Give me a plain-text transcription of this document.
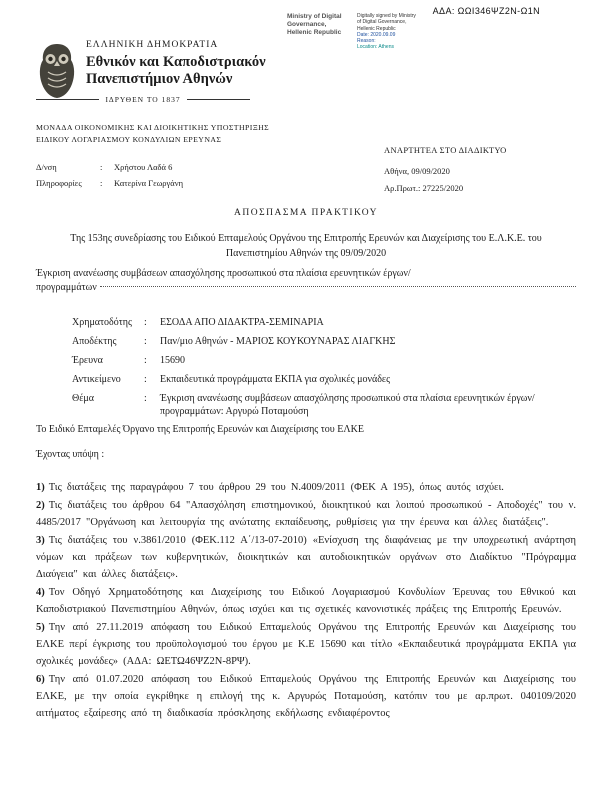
ΑΔΑ: ΩΩΙ346ΨΖ2Ν-Ω1Ν
Ministry of Digital
Governance,
Hellenic Republic
Digitally signed by Ministry
of Digital Governance,
Hellenic Republic
Date: 2020.09.09
Reason:
Location: Athens
ΕΛΛΗΝΙΚΗ ΔΗΜΟΚΡΑΤΙΑ
Εθνικόν και Καποδιστριακόν
Πανεπιστήμιον Αθηνών
ΙΔΡΥΘΕΝ ΤΟ 1837
ΜΟΝΑΔΑ ΟΙΚΟΝΟΜΙΚΗΣ ΚΑΙ ΔΙΟΙΚΗΤΙΚΗΣ ΥΠΟΣΤΗΡΙΞΗΣ
ΕΙΔΙΚΟΥ ΛΟΓΑΡΙΑΣΜΟΥ ΚΟΝΔΥΛΙΩΝ ΕΡΕΥΝΑΣ
ΑΝΑΡΤΗΤΕΑ ΣΤΟ ΔΙΑΔΙΚΤΥΟ
Δ/νση	:	Χρήστου Λαδά 6
Πληροφορίες	:	Κατερίνα Γεωργάνη
Αθήνα, 09/09/2020
Αρ.Πρωτ.: 27225/2020
ΑΠΟΣΠΑΣΜΑ ΠΡΑΚΤΙΚΟΥ
Της 153ης συνεδρίασης του Ειδικού Επταμελούς Οργάνου της Επιτροπής Ερευνών και Διαχείρισης του Ε.Λ.Κ.Ε. του Πανεπιστημίου Αθηνών της 09/09/2020
Έγκριση ανανέωσης συμβάσεων απασχόλησης προσωπικού στα πλαίσια ερευνητικών έργων/
προγραμμάτων
Χρηματοδότης	:	ΕΣΟΔΑ ΑΠΟ ΔΙΔΑΚΤΡΑ-ΣΕΜΙΝΑΡΙΑ
Αποδέκτης	:	Παν/μιο Αθηνών - ΜΑΡΙΟΣ ΚΟΥΚΟΥΝΑΡΑΣ ΛΙΑΓΚΗΣ
Έρευνα	:	15690
Αντικείμενο	:	Εκπαιδευτικά προγράμματα ΕΚΠΑ για σχολικές μονάδες
Θέμα	:	Έγκριση ανανέωσης συμβάσεων απασχόλησης προσωπικού στα πλαίσια ερευνητικών έργων/προγραμμάτων: Αργυρώ Ποταμούση
Το Ειδικό Επταμελές Όργανο της Επιτροπής Ερευνών και Διαχείρισης του ΕΛΚΕ
Έχοντας υπόψη :

1) Τις διατάξεις της παραγράφου 7 του άρθρου 29 του Ν.4009/2011 (ΦΕΚ Α 195), όπως αυτός ισχύει.

2) Τις διατάξεις του άρθρου 64 "Απασχόληση επιστημονικού, διοικητικού και λοιπού προσωπικού - Αποδοχές" του ν. 4485/2017 "Οργάνωση και λειτουργία της ανώτατης εκπαίδευσης, ρυθμίσεις για την έρευνα και άλλες διατάξεις".

3) Τις διατάξεις του ν.3861/2010 (ΦΕΚ.112 Α΄/13-07-2010) «Ενίσχυση της διαφάνειας με την υποχρεωτική ανάρτηση νόμων και πράξεων των κυβερνητικών, διοικητικών και αυτοδιοικητικών οργάνων στο Διαδίκτυο "Πρόγραμμα Διαύγεια" και άλλες διατάξεις».

4) Τον Οδηγό Χρηματοδότησης και Διαχείρισης του Ειδικού Λογαριασμού Κονδυλίων Έρευνας του Εθνικού και Καποδιστριακού Πανεπιστημίου Αθηνών, όπως ισχύει και τις σχετικές κανονιστικές πράξεις της Επιτροπής Ερευνών.

5) Την από 27.11.2019 απόφαση του Ειδικού Επταμελούς Οργάνου της Επιτροπής Ερευνών και Διαχείρισης του ΕΛΚΕ περί έγκρισης του προϋπολογισμού του έργου με Κ.Ε 15690 και τίτλο «Εκπαιδευτικά προγράμματα ΕΚΠΑ για σχολικές μονάδες» (ΑΔΑ: ΩΕΤΩ46ΨΖ2Ν-8ΡΨ).

6) Την από 01.07.2020 απόφαση του Ειδικού Επταμελούς Οργάνου της Επιτροπής Ερευνών και Διαχείρισης του ΕΛΚΕ, με την οποία εγκρίθηκε η επιλογή της κ. Αργυρώς Ποταμούση, κατόπιν του με αρ.πρωτ. 040109/2020 αιτήματος εξαίρεσης από τη διαδικασία πρόσκλησης εκδήλωσης ενδιαφέροντος
